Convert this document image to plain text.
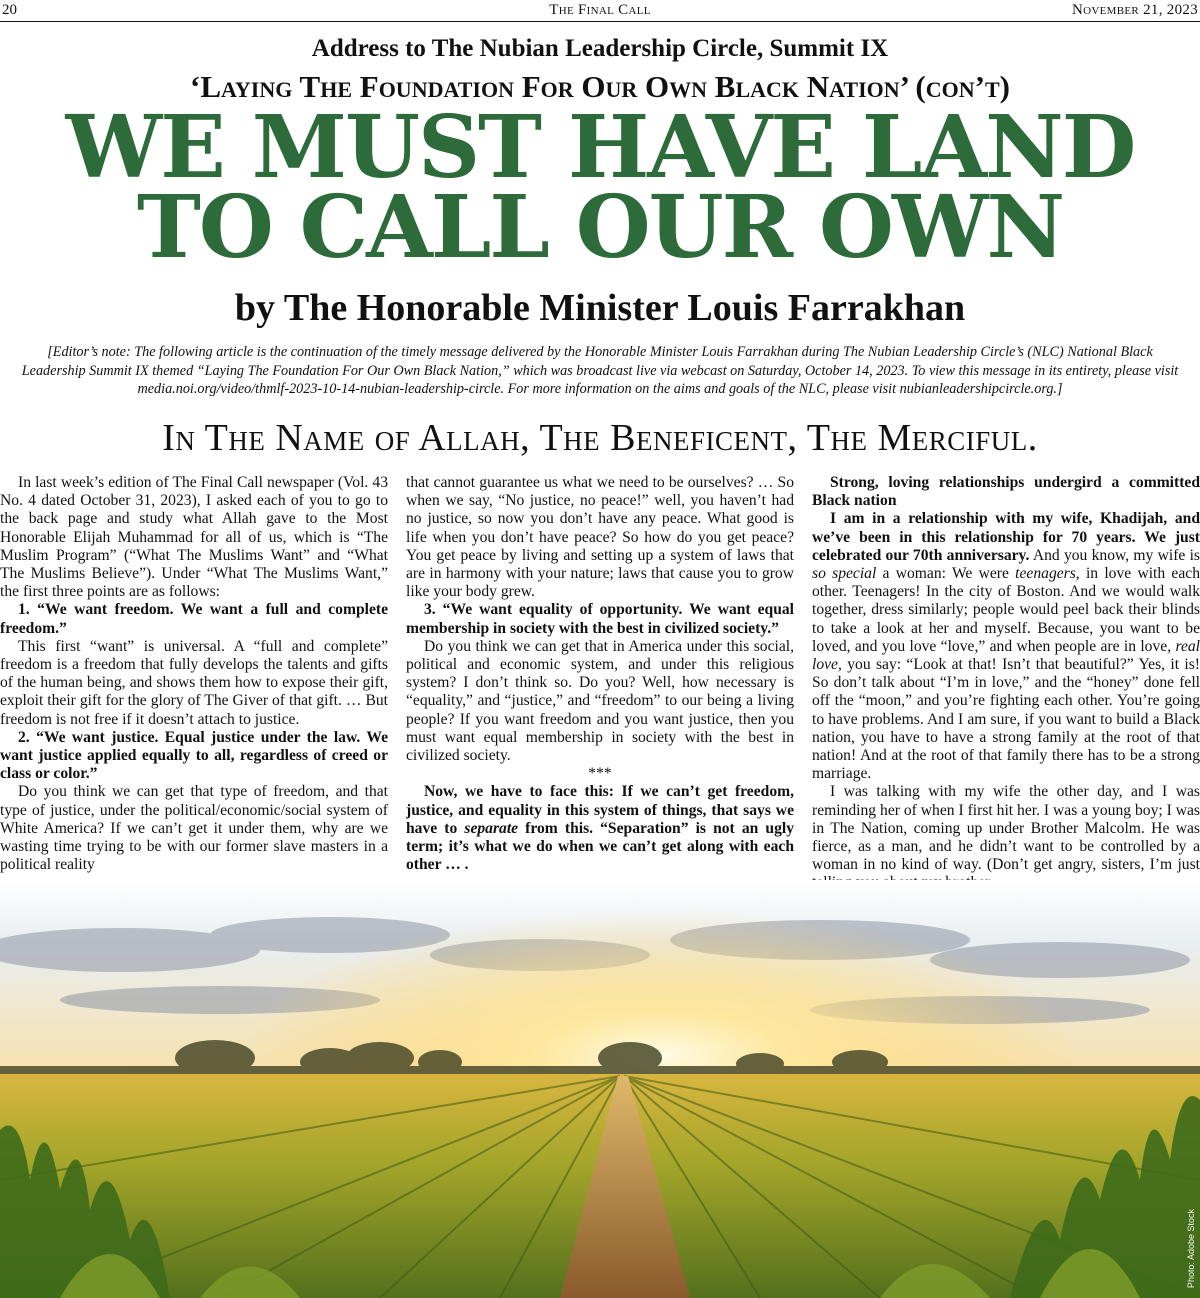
20	The Final Call	November 21, 2023
Address to The Nubian Leadership Circle, Summit IX
‘Laying The Foundation For Our Own Black Nation’ (con’t)
WE MUST HAVE LAND
TO CALL OUR OWN
by The Honorable Minister Louis Farrakhan
[Editor’s note: The following article is the continuation of the timely message delivered by the Honorable Minister Louis Farrakhan during The Nubian Leadership Circle’s (NLC) National Black Leadership Summit IX themed “Laying The Foundation For Our Own Black Nation,” which was broadcast live via webcast on Saturday, October 14, 2023. To view this message in its entirety, please visit media.noi.org/video/thmlf-2023-10-14-nubian-leadership-circle. For more information on the aims and goals of the NLC, please visit nubianleadershipcircle.org.]
In The Name of Allah, The Beneficent, The Merciful.

In last week’s edition of The Final Call newspaper (Vol. 43 No. 4 dated October 31, 2023), I asked each of you to go to the back page and study what Allah gave to the Most Honorable Elijah Muhammad for all of us, which is “The Muslim Program” (“What The Muslims Want” and “What The Muslims Believe”). Under “What The Muslims Want,” the first three points are as follows:

1. “We want freedom. We want a full and complete freedom.”

This first “want” is universal. A “full and complete” freedom is a freedom that fully develops the talents and gifts of the human being, and shows them how to expose their gift, exploit their gift for the glory of The Giver of that gift. … But freedom is not free if it doesn’t attach to justice.

2. “We want justice. Equal justice under the law. We want justice applied equally to all, regardless of creed or class or color.”

Do you think we can get that type of freedom, and that type of justice, under the political/economic/social system of White America? If we can’t get it under them, why are we wasting time trying to be with our former slave masters in a political reality

that cannot guarantee us what we need to be ourselves? … So when we say, “No justice, no peace!” well, you haven’t had no justice, so now you don’t have any peace. What good is life when you don’t have peace? So how do you get peace? You get peace by living and setting up a system of laws that are in harmony with your nature; laws that cause you to grow like your body grew.

3. “We want equality of opportunity. We want equal membership in society with the best in civilized society.”

Do you think we can get that in America under this social, political and economic system, and under this religious system? I don’t think so. Do you? Well, how necessary is “equality,” and “justice,” and “freedom” to our being a living people? If you want freedom and you want justice, then you must want equal membership in society with the best in civilized society.

***

Now, we have to face this: If we can’t get freedom, justice, and equality in this system of things, that says we have to separate from this. “Separation” is not an ugly term; it’s what we do when we can’t get along with each other … .

Strong, loving relationships undergird a committed Black nation

I am in a relationship with my wife, Khadijah, and we’ve been in this relationship for 70 years. We just celebrated our 70th anniversary. And you know, my wife is so special a woman: We were teenagers, in love with each other. Teenagers! In the city of Boston. And we would walk together, dress similarly; people would peel back their blinds to take a look at her and myself. Because, you want to be loved, and you love “love,” and when people are in love, real love, you say: “Look at that! Isn’t that beautiful?” Yes, it is! So don’t talk about “I’m in love,” and the “honey” done fell off the “moon,” and you’re fighting each other. You’re going to have problems. And I am sure, if you want to build a Black nation, you have to have a strong family at the root of that nation! And at the root of that family there has to be a strong marriage.

I was talking with my wife the other day, and I was reminding her of when I first hit her. I was a young boy; I was in The Nation, coming up under Brother Malcolm. He was fierce, as a man, and he didn’t want to be controlled by a woman in no kind of way. (Don’t get angry, sisters, I’m just

Photo: Adobe Stock
